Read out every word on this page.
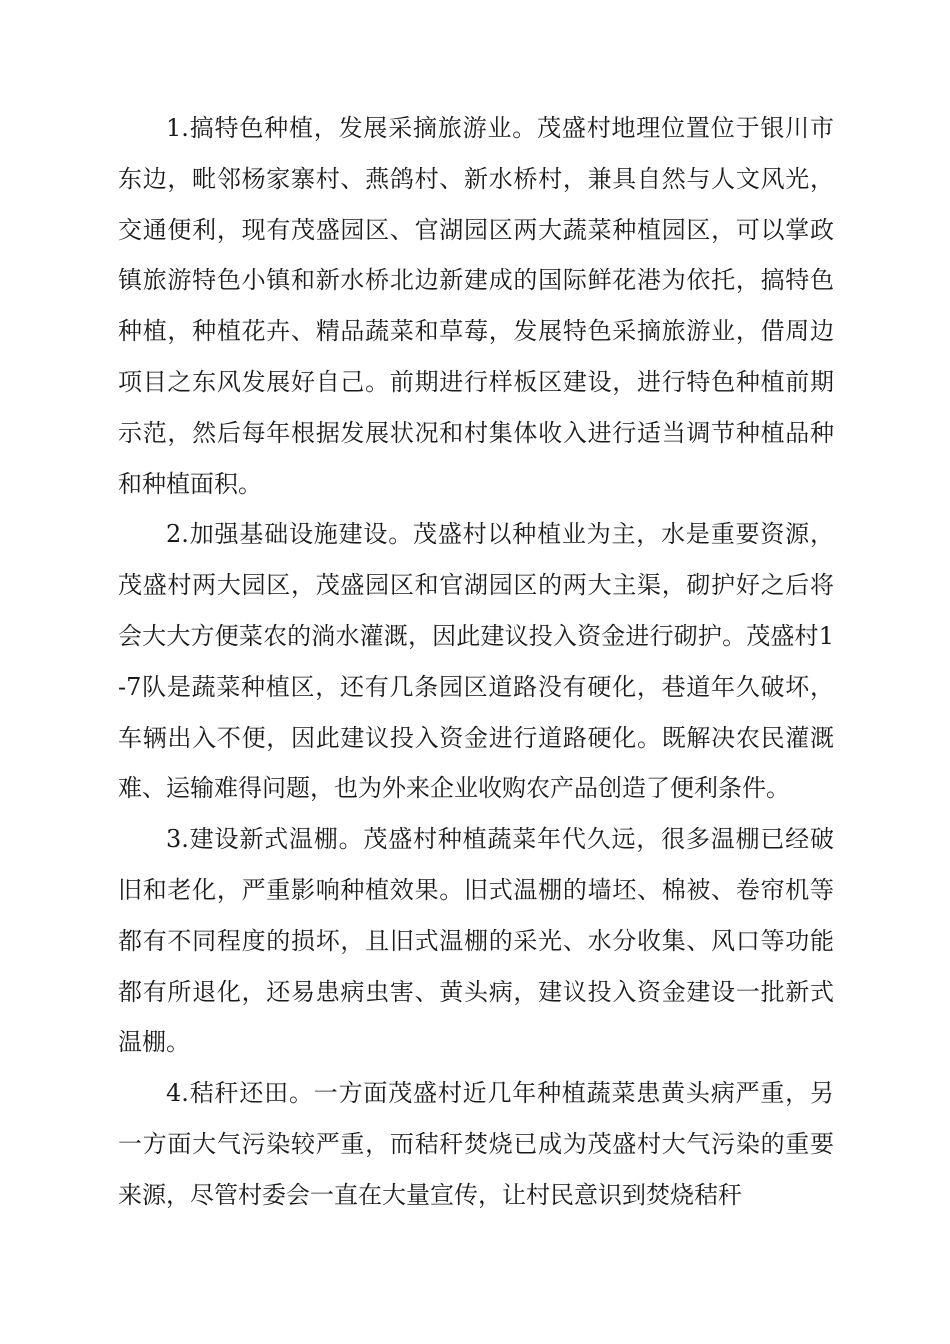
1.搞特色种植，发展采摘旅游业。茂盛村地理位置位于银川市东边，毗邻杨家寨村、燕鸽村、新水桥村，兼具自然与人文风光，交通便利，现有茂盛园区、官湖园区两大蔬菜种植园区，可以掌政镇旅游特色小镇和新水桥北边新建成的国际鲜花港为依托，搞特色种植，种植花卉、精品蔬菜和草莓，发展特色采摘旅游业，借周边项目之东风发展好自己。前期进行样板区建设，进行特色种植前期示范，然后每年根据发展状况和村集体收入进行适当调节种植品种和种植面积。

2.加强基础设施建设。茂盛村以种植业为主，水是重要资源，茂盛村两大园区，茂盛园区和官湖园区的两大主渠，砌护好之后将会大大方便菜农的淌水灌溉，因此建议投入资金进行砌护。茂盛村1-7队是蔬菜种植区，还有几条园区道路没有硬化，巷道年久破坏，车辆出入不便，因此建议投入资金进行道路硬化。既解决农民灌溉难、运输难得问题，也为外来企业收购农产品创造了便利条件。

3.建设新式温棚。茂盛村种植蔬菜年代久远，很多温棚已经破旧和老化，严重影响种植效果。旧式温棚的墙坯、棉被、卷帘机等都有不同程度的损坏，且旧式温棚的采光、水分收集、风口等功能都有所退化，还易患病虫害、黄头病，建议投入资金建设一批新式温棚。

4.秸秆还田。一方面茂盛村近几年种植蔬菜患黄头病严重，另一方面大气污染较严重，而秸秆焚烧已成为茂盛村大气污染的重要来源，尽管村委会一直在大量宣传，让村民意识到焚烧秸秆
